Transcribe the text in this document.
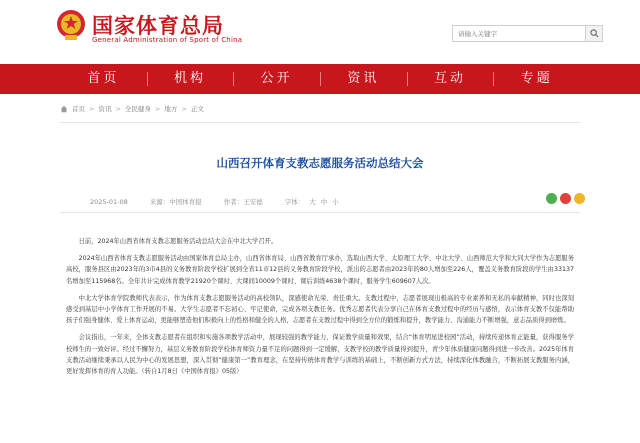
国家体育总局
General Administration of Sport of China
请输入关键字
首页	机构	公开	资讯	互动	专题
首页 > 资讯 > 全民健身 > 地方 > 正文
山西召开体育支教志愿服务活动总结大会
2025-01-08	来源：中国体育报	作者：王安德	字体： 大 中 小

日前，2024年山西省体育支教志愿服务活动总结大会在中北大学召开。

2024年山西省体育支教志愿服务活动由国家体育总局主办，山西省体育局、山西省教育厅承办，选取山西大学、太原理工大学、中北大学、山西师范大学和大同大学作为志愿服务高校，服务县区由2023年的3市4县的义务教育阶段学校扩展到全省11市12县的义务教育阶段学校，派出的志愿者由2023年的80人增加至226人，覆盖义务教育阶段的学生由33137名增加至115968名。全年共计完成体育教学21920个课时、大课间10009个课时、课后训练4638个课时，服务学生609607人次。

中北大学体育学院教师代表表示，作为体育支教志愿服务活动的高校领队，深感使命光荣、责任重大。支教过程中，志愿者展现出极高的专业素养和无私的奉献精神，同时也深刻感受到基层中小学体育工作开展的不易。大学生志愿者不忘初心、牢记使命，完成各项支教任务。优秀志愿者代表分享自己在体育支教过程中的经历与感悟，表示体育支教不仅能帮助孩子们强身健体、爱上体育运动，更能够塑造他们积极向上的性格和健全的人格，志愿者在支教过程中得到全方位的锻炼和提升，教学能力、沟通能力不断增强，意志品质得到磨炼。

会议指出，一年来，全体支教志愿者在组织和实施各项教学活动中，展现较强的教学能力，保证教学质量和效果，结合“体育明星进校园”活动，持续传递体育正能量，获得服务学校师生的一致好评。经过不懈努力，基层义务教育阶段学校体育师资力量不足的问题得到一定缓解，支教学校的教学质量得到提升，青少年体质健康问题得到进一步改善。2025年体育支教活动继续秉承以人民为中心的发展思想，深入贯彻“健康第一”教育理念，在坚持传统体育教学与训练的基础上，不断创新方式方法，持续深化体教融合，不断拓展支教服务内涵，更好发挥体育的育人功能。（转自1月8日《中国体育报》05版）
